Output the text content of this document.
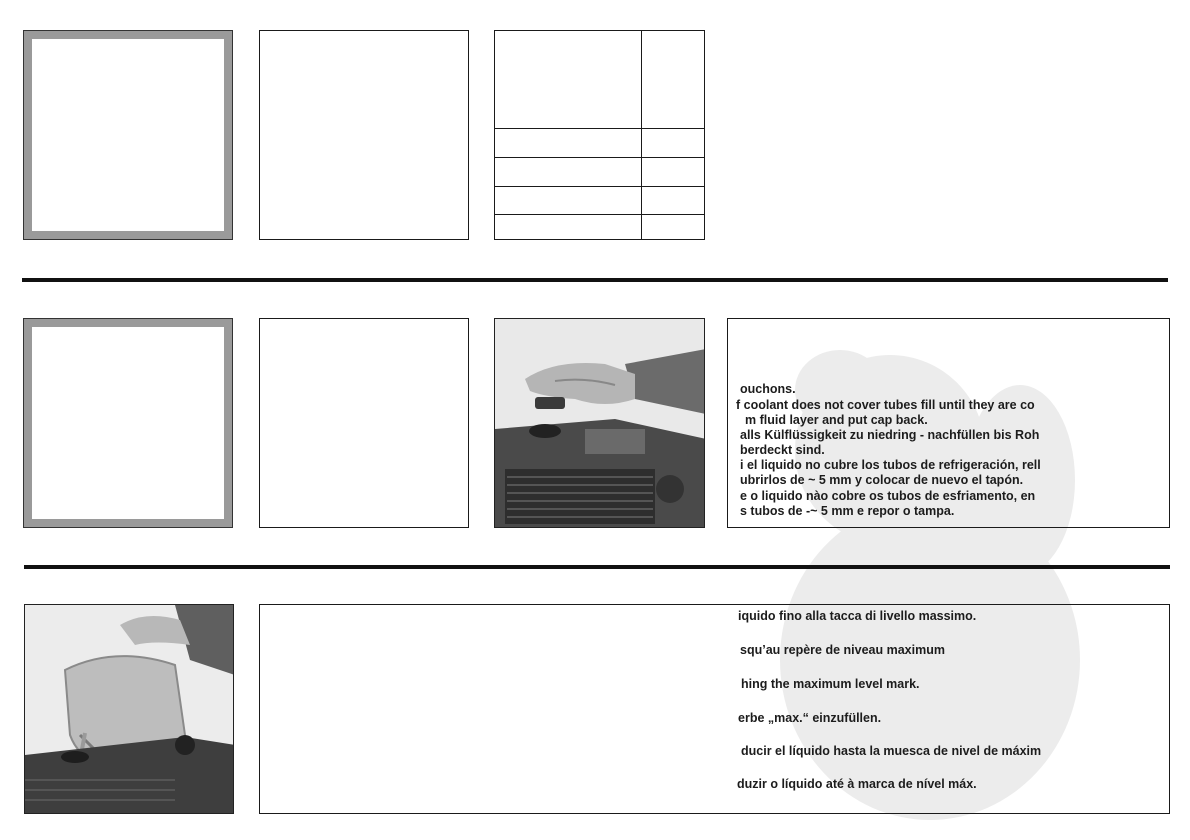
ouchons.
f coolant does not cover tubes fill until they are co
m fluid layer and put cap back.
alls Külflüssigkeit zu niedring - nachfüllen bis Roh
berdeckt sind.
i el liquido no cubre los tubos de refrigeración, rell
ubrirlos de ~ 5 mm y colocar de nuevo el tapón.
e o liquido nào cobre os tubos de esfriamento, en
s tubos de -~ 5 mm e repor o tampa.
iquido fino alla tacca di livello massimo.
squ’au repère de niveau maximum
hing the maximum level mark.
erbe „max.“ einzufüllen.
ducir el líquido hasta la muesca de nivel de máxim
duzir o líquido até à marca de nível máx.
